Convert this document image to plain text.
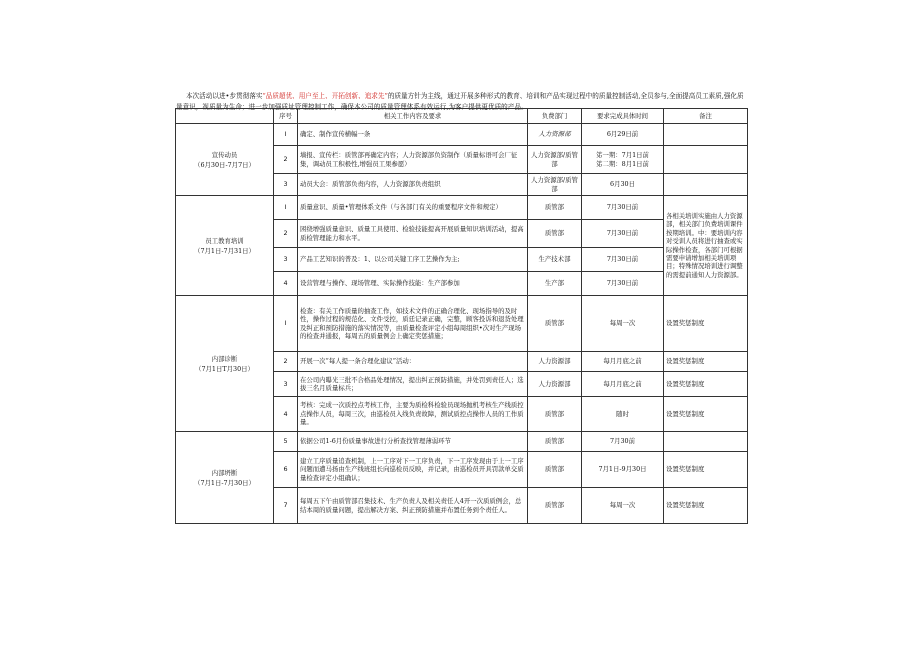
本次活动以进•步贯彻落实“品质超优、用户至上、开拓创新、追求先”的质量方针为主线，通过开展多种形式的教育、培训和产品实现过程中的质量控制活动,全员参与,全面提高员工素质,强化质量意识，视质量为生命；进一步加强质址管理控制工作，确保本公司的质量管理体系有效运行,为客户提供更优质的产品。

	序号	相关工作内容及要求	负费部门	要求完成具体时间	备注

宣传动员
（6月30日-7月7日）	I	确定、制作宣传横幅一条	人力资源部	6月29日前	
	2	墙报、宣传栏：质管部再确定内容；人力资源部负资制作（质量标语可会厂征集，调动员工积极性,增强员工果参愿）	人力资源部/质管部	笫一期：7月1日前
笫二期：8月1日前	

	3	动员大会：质管部负责内容，人力资源部负责组织	人力资源部/质管部	6月30日	

员工教育培训
（7月1日-7月31日）	I	质量意识、质量•管理体系文件（与各部门有关的重要程序文件和规定）	质管部	7月30日前	各相关培训实施由人力资源部，相关部门负费培训课件按期培训。中：要培训内容对受训人员将进行抽查或实际操作检查，各部门可根据需要申请增加相关培训项目；特殊情况培训进行调整的需提前通知人力资源部。
	2	困绕增强质量意识、质量工具使用、检验技能提高开展质量知识培训活动，提高质检管理能力和水平。	质管部	7月30日前	
	3	产品工艺知识的普及：1、以公司关键工序工艺操作为主;	生产技术部	7月30日前	
	4	设营管理与操作、现场管理、实际操作技能：生产部参加	生产部	7月30日前	

内部诊断
（7月1日T月30日）	I	检查：有关工作质量的抽查工作，如技术文件的正确合理化、现场指导的及时性，操作过程的规范化、文件受控，质廷记录正确，完整，顾客投诉和退货处理及纠正和预防措施的落实情况等，由质量检查评定小组每周组织•次对生产现场的检查并通报，每周五的质量例会上确定奖惩措施；	质管部	每周一次	设置奖惩制度
	2	开展一次“每人提一条合理化建议”活动：	人力资源部	每月月底之前	设置奖惩制度
	3	在公司内曝光三批不合格品处理情况，提出纠正预防措施，并处罚到责任人；选拔三名月质量标兵；	人力资源部	每月月底之前	设置奖惩制度
	4	考核：完成一次质控点考核工作，主要为质检科检验员现场抛机考核生产线质控点操作人员，每周三次，由巡检员入线负责故障，测试质控点操作人员的工作质量。	质管部	随时	设置奖惩制度

内部坍断
（7月1日-7月30日）	5	依据公司1-6月份质量事故进行分析查找管理薄弱环节	质管部	7月30前	
	6	建立工序质量追查机制，上一工序对下一工序负责，下一工序发现由于上一工序问题而遭马扬由生产线班组长向巡检员反映，并记录，由巡检员开具罚款单交质量检查评定小组确认；	质管部	7月1日-9月30日	设置奖惩制度
	7	每周五下午由质管部召集技术、生产负责人及相关责任人4开一次质质例会，总结本周的质量问题，提出解决方案、纠正预防措施并布置任务到个责任人。	质管部	每周一次	设置奖惩制度
